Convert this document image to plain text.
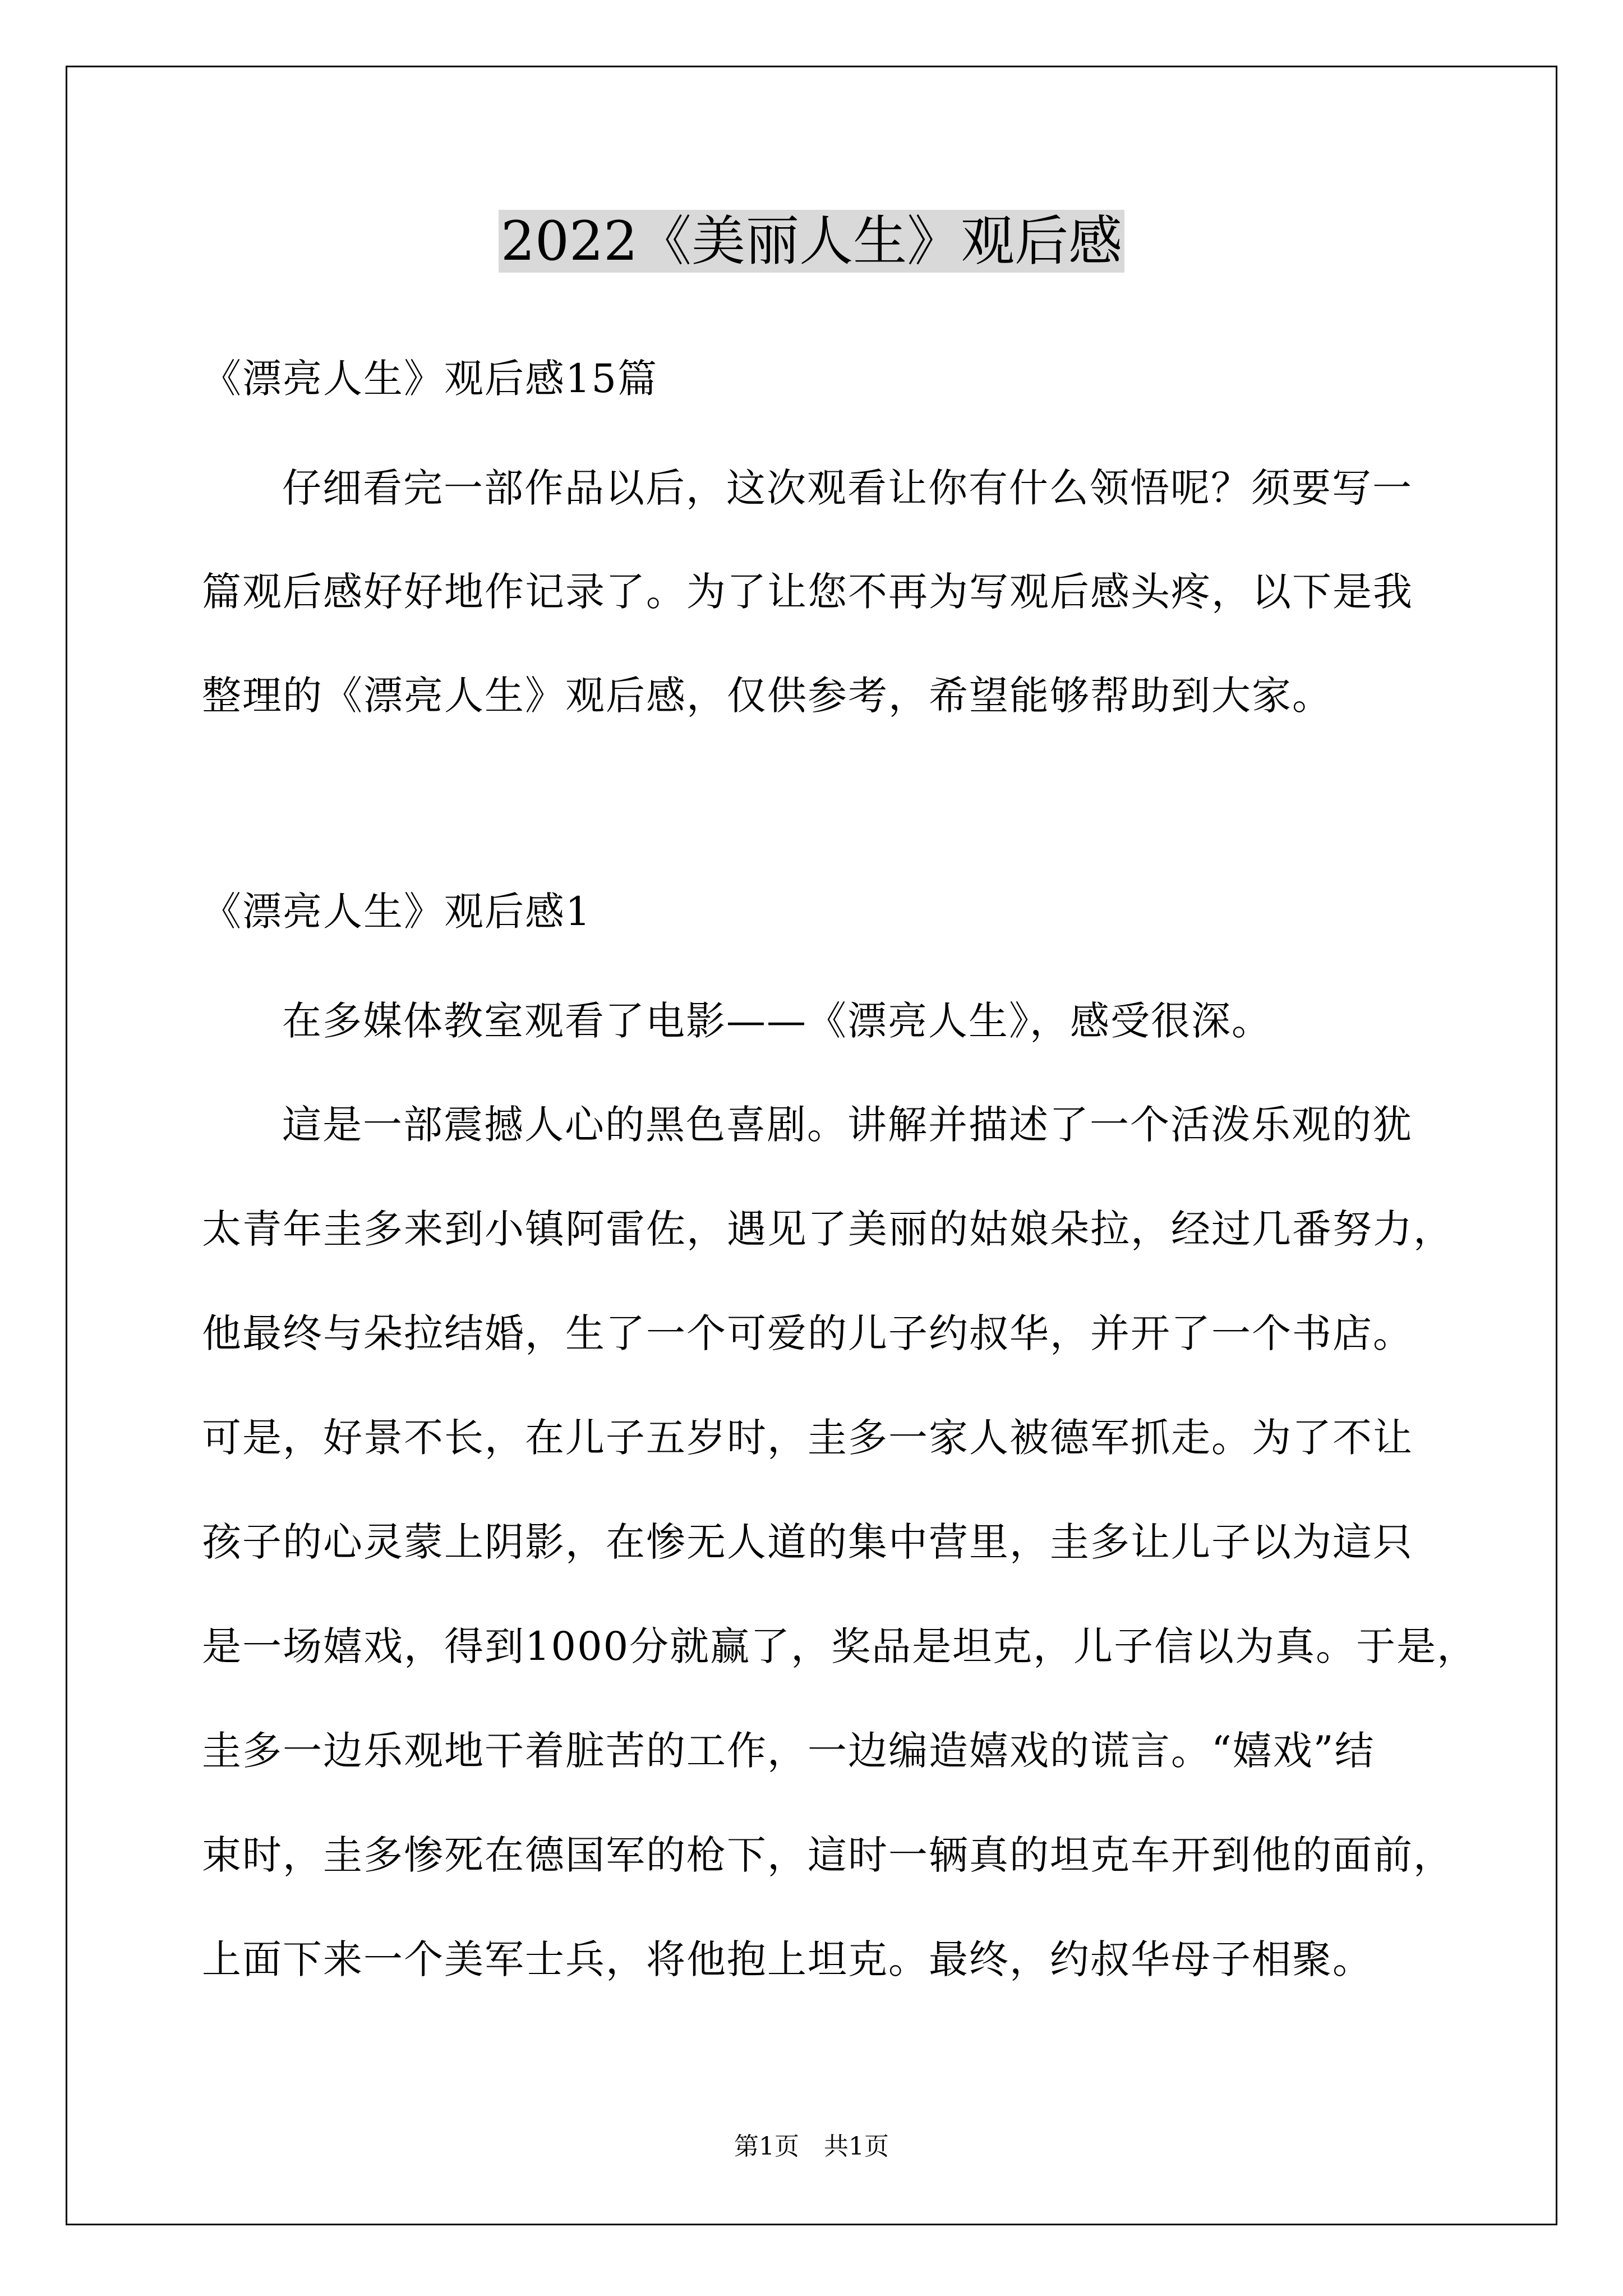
2022《美丽人生》观后感
《漂亮人生》观后感15篇
仔细看完一部作品以后，这次观看让你有什么领悟呢？须要写一
篇观后感好好地作记录了。为了让您不再为写观后感头疼，以下是我
整理的《漂亮人生》观后感，仅供参考，希望能够帮助到大家。
《漂亮人生》观后感1
在多媒体教室观看了电影——《漂亮人生》，感受很深。
這是一部震撼人心的黑色喜剧。讲解并描述了一个活泼乐观的犹
太青年圭多来到小镇阿雷佐，遇见了美丽的姑娘朵拉，经过几番努力，
他最终与朵拉结婚，生了一个可爱的儿子约叔华，并开了一个书店。
可是，好景不长，在儿子五岁时，圭多一家人被德军抓走。为了不让
孩子的心灵蒙上阴影，在惨无人道的集中营里，圭多让儿子以为這只
是一场嬉戏，得到1000分就赢了，奖品是坦克，儿子信以为真。于是，
圭多一边乐观地干着脏苦的工作，一边编造嬉戏的谎言。“嬉戏”结
束时，圭多惨死在德国军的枪下，這时一辆真的坦克车开到他的面前，
上面下来一个美军士兵，将他抱上坦克。最终，约叔华母子相聚。
第1页 共1页
